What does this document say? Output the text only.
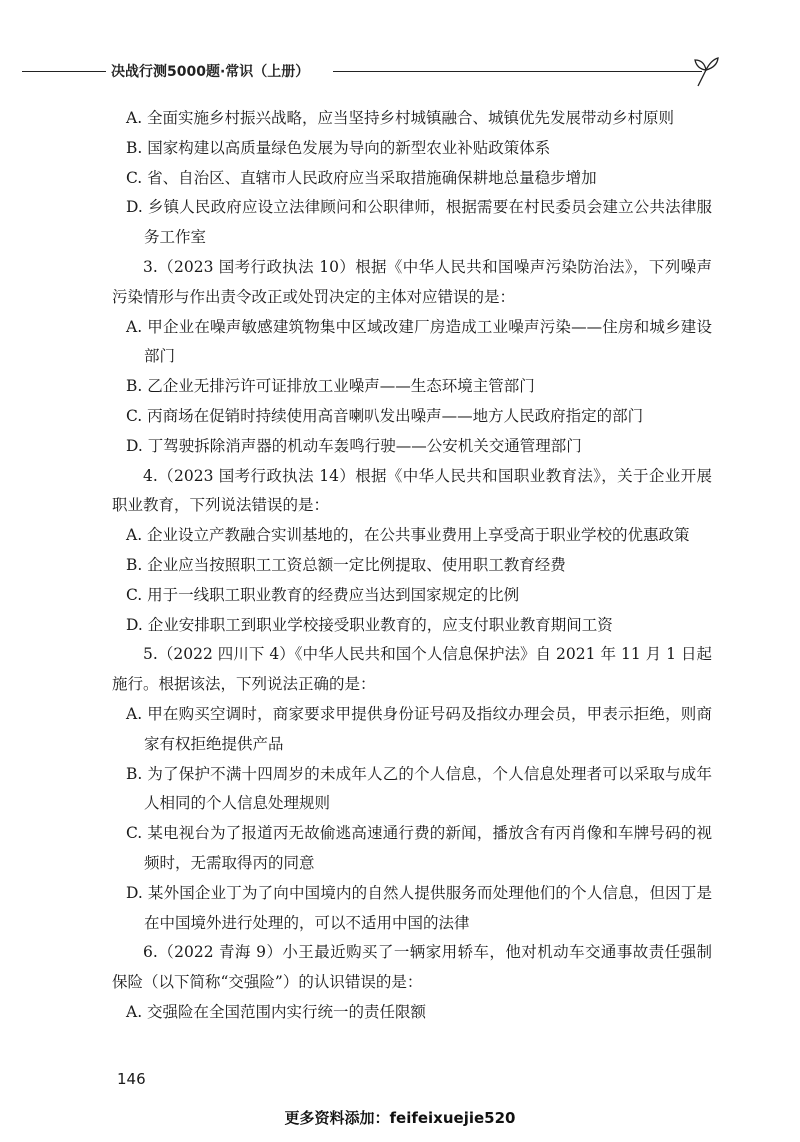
决战行测5000题·常识（上册）

A. 全面实施乡村振兴战略，应当坚持乡村城镇融合、城镇优先发展带动乡村原则

B. 国家构建以高质量绿色发展为导向的新型农业补贴政策体系

C. 省、自治区、直辖市人民政府应当采取措施确保耕地总量稳步增加

D. 乡镇人民政府应设立法律顾问和公职律师，根据需要在村民委员会建立公共法律服务工作室

3.（2023 国考行政执法 10）根据《中华人民共和国噪声污染防治法》，下列噪声污染情形与作出责令改正或处罚决定的主体对应错误的是：

A. 甲企业在噪声敏感建筑物集中区域改建厂房造成工业噪声污染——住房和城乡建设部门

B. 乙企业无排污许可证排放工业噪声——生态环境主管部门

C. 丙商场在促销时持续使用高音喇叭发出噪声——地方人民政府指定的部门

D. 丁驾驶拆除消声器的机动车轰鸣行驶——公安机关交通管理部门

4.（2023 国考行政执法 14）根据《中华人民共和国职业教育法》，关于企业开展职业教育，下列说法错误的是：

A. 企业设立产教融合实训基地的，在公共事业费用上享受高于职业学校的优惠政策

B. 企业应当按照职工工资总额一定比例提取、使用职工教育经费

C. 用于一线职工职业教育的经费应当达到国家规定的比例

D. 企业安排职工到职业学校接受职业教育的，应支付职业教育期间工资

5.（2022 四川下 4）《中华人民共和国个人信息保护法》自 2021 年 11 月 1 日起施行。根据该法，下列说法正确的是：

A. 甲在购买空调时，商家要求甲提供身份证号码及指纹办理会员，甲表示拒绝，则商家有权拒绝提供产品

B. 为了保护不满十四周岁的未成年人乙的个人信息，个人信息处理者可以采取与成年人相同的个人信息处理规则

C. 某电视台为了报道丙无故偷逃高速通行费的新闻，播放含有丙肖像和车牌号码的视频时，无需取得丙的同意

D. 某外国企业丁为了向中国境内的自然人提供服务而处理他们的个人信息，但因丁是在中国境外进行处理的，可以不适用中国的法律

6.（2022 青海 9）小王最近购买了一辆家用轿车，他对机动车交通事故责任强制保险（以下简称“交强险”）的认识错误的是：

A. 交强险在全国范围内实行统一的责任限额

146
更多资料添加：feifeixuejie520
